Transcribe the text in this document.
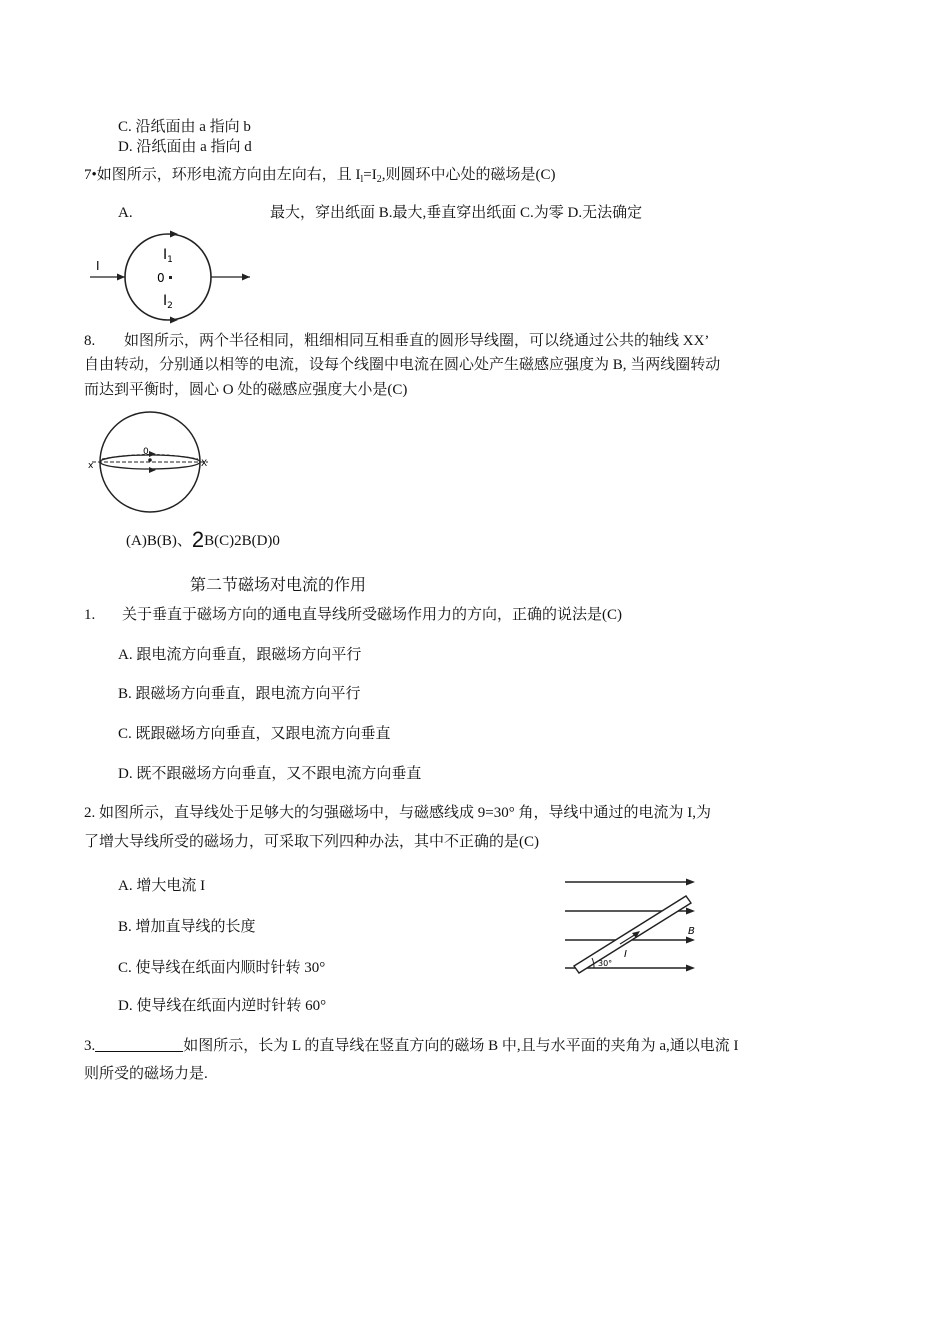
C. 沿纸面由 a 指向 b
D. 沿纸面由 a 指向 d
7•如图所示，环形电流方向由左向右，且 $I_l=I_2$,则圆环中心处的磁场是(C)
A.	最大，穿出纸面 B.最大,垂直穿出纸面 C.为零 D.无法确定
I
$I_1$
0
$I_2$
8. 如图所示，两个半径相同，粗细相同互相垂直的圆形导线圈，可以绕通过公共的轴线 XX’
自由转动，分别通以相等的电流，设每个线圈中电流在圆心处产生磁感应强度为 B, 当两线圈转动
而达到平衡时，圆心 O 处的磁感应强度大小是(C)
x	X
0
(A)B(B)、2B(C)2B(D)0
第二节磁场对电流的作用
1. 关于垂直于磁场方向的通电直导线所受磁场作用力的方向，正确的说法是(C)
A. 跟电流方向垂直，跟磁场方向平行
B. 跟磁场方向垂直，跟电流方向平行
C. 既跟磁场方向垂直，又跟电流方向垂直
D. 既不跟磁场方向垂直，又不跟电流方向垂直
2. 如图所示，直导线处于足够大的匀强磁场中，与磁感线成 9=30° 角，导线中通过的电流为 I,为
了增大导线所受的磁场力，可采取下列四种办法，其中不正确的是(C)
A. 增大电流 I
B. 增加直导线的长度
C. 使导线在纸面内顺时针转 30°
D. 使导线在纸面内逆时针转 60°
30°
I
B
3.	如图所示，长为 L 的直导线在竖直方向的磁场 B 中,且与水平面的夹角为 a,通以电流 I
则所受的磁场力是.
